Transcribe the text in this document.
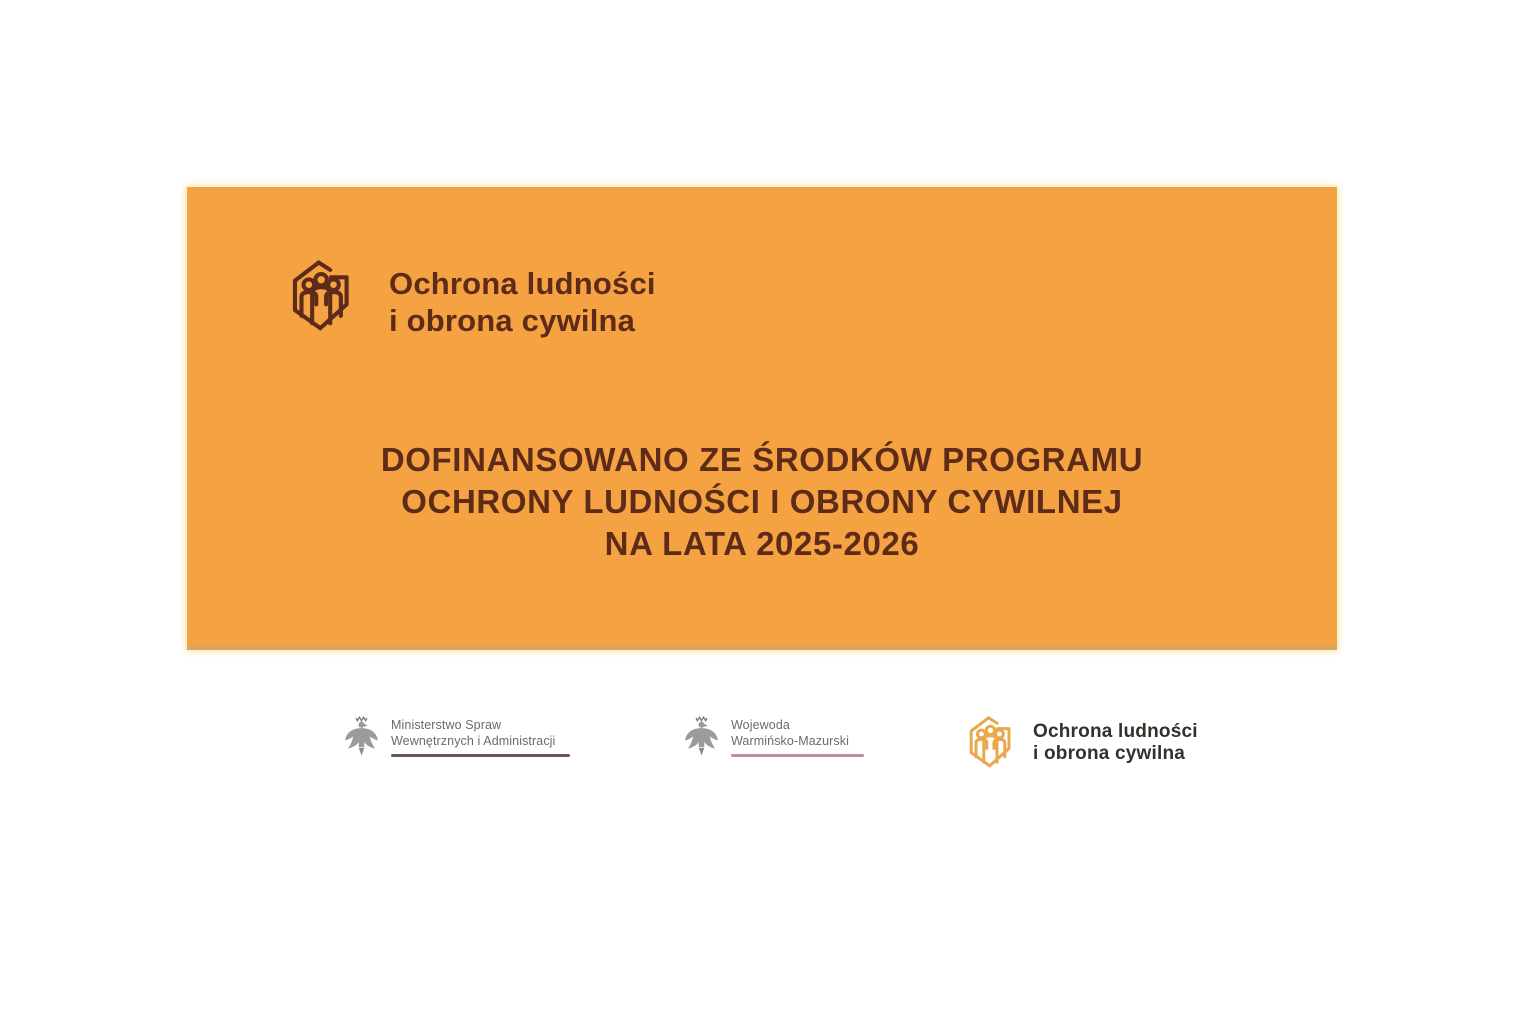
Ochrona ludności
i obrona cywilna
DOFINANSOWANO ZE ŚRODKÓW PROGRAMU
OCHRONY LUDNOŚCI I OBRONY CYWILNEJ
NA LATA 2025-2026
Ministerstwo Spraw
Wewnętrznych i Administracji
Wojewoda
Warmińsko-Mazurski	Ochrona ludności
i obrona cywilna
